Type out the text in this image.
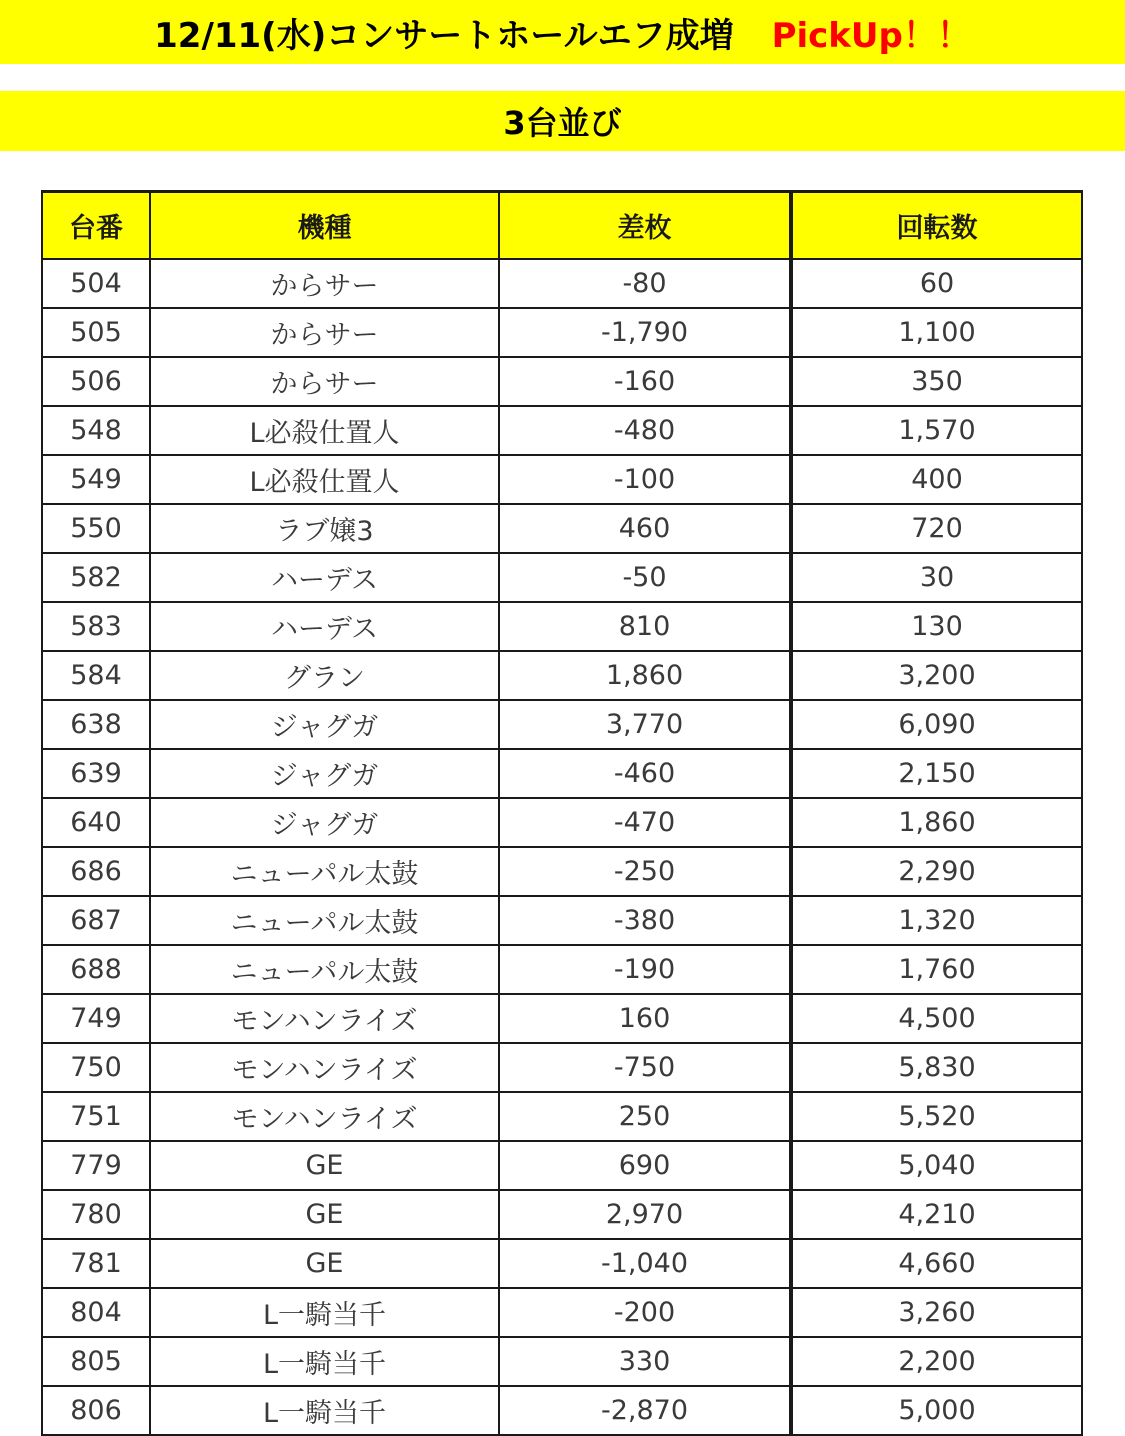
12/11(水)コンサートホールエフ成増 PickUp！！
3台並び
台番	機種	差枚		回転数
504	からサー	-80		60
505	からサー	-1,790		1,100
506	からサー	-160		350
548	L必殺仕置人	-480		1,570
549	L必殺仕置人	-100		400
550	ラブ嬢3	460		720
582	ハーデス	-50		30
583	ハーデス	810		130
584	グラン	1,860		3,200
638	ジャグガ	3,770		6,090
639	ジャグガ	-460		2,150
640	ジャグガ	-470		1,860
686	ニューパル太鼓	-250		2,290
687	ニューパル太鼓	-380		1,320
688	ニューパル太鼓	-190		1,760
749	モンハンライズ	160		4,500
750	モンハンライズ	-750		5,830
751	モンハンライズ	250		5,520
779	GE	690		5,040
780	GE	2,970		4,210
781	GE	-1,040		4,660
804	L一騎当千	-200		3,260
805	L一騎当千	330		2,200
806	L一騎当千	-2,870		5,000
